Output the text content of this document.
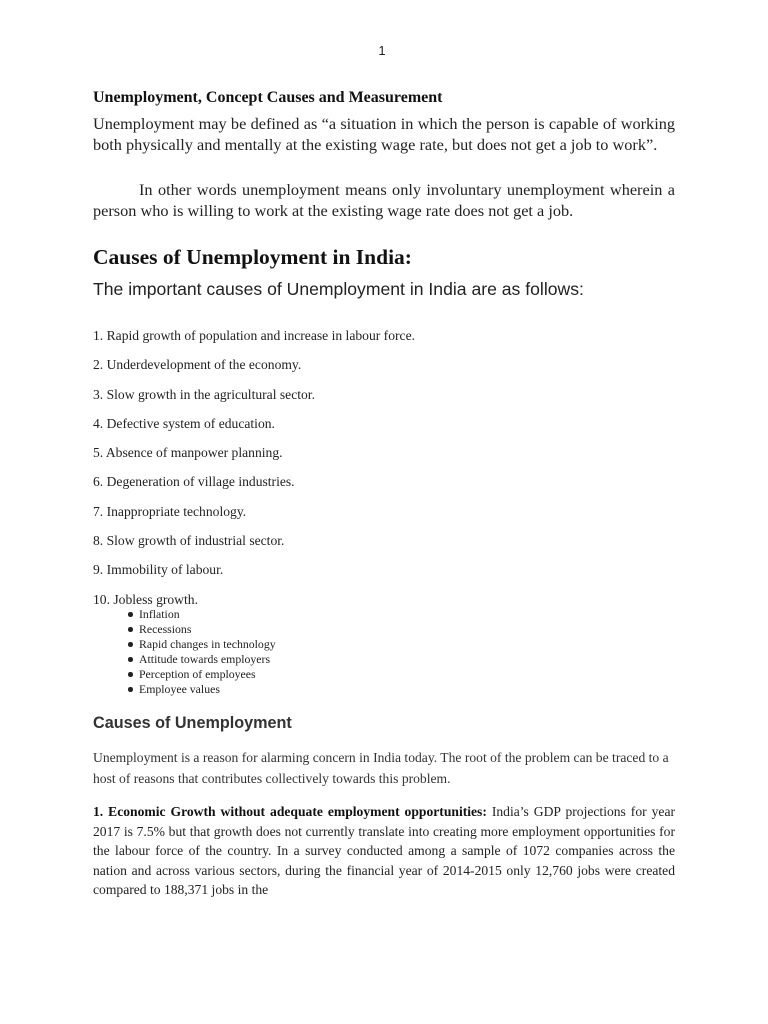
1
Unemployment, Concept Causes and Measurement
Unemployment may be defined as “a situation in which the person is capable of working both physically and mentally at the existing wage rate, but does not get a job to work”.
In other words unemployment means only involuntary unemployment wherein a person who is willing to work at the existing wage rate does not get a job.
Causes of Unemployment in India:
The important causes of Unemployment in India are as follows:
1. Rapid growth of population and increase in labour force.
2. Underdevelopment of the economy.
3. Slow growth in the agricultural sector.
4. Defective system of education.
5. Absence of manpower planning.
6. Degeneration of village industries.
7. Inappropriate technology.
8. Slow growth of industrial sector.
9. Immobility of labour.
10. Jobless growth.
Inflation
Recessions
Rapid changes in technology
Attitude towards employers
Perception of employees
Employee values
Causes of Unemployment
Unemployment is a reason for alarming concern in India today. The root of the problem can be traced to a host of reasons that contributes collectively towards this problem.
1. Economic Growth without adequate employment opportunities: India’s GDP projections for year 2017 is 7.5% but that growth does not currently translate into creating more employment opportunities for the labour force of the country. In a survey conducted among a sample of 1072 companies across the nation and across various sectors, during the financial year of 2014-2015 only 12,760 jobs were created compared to 188,371 jobs in the
